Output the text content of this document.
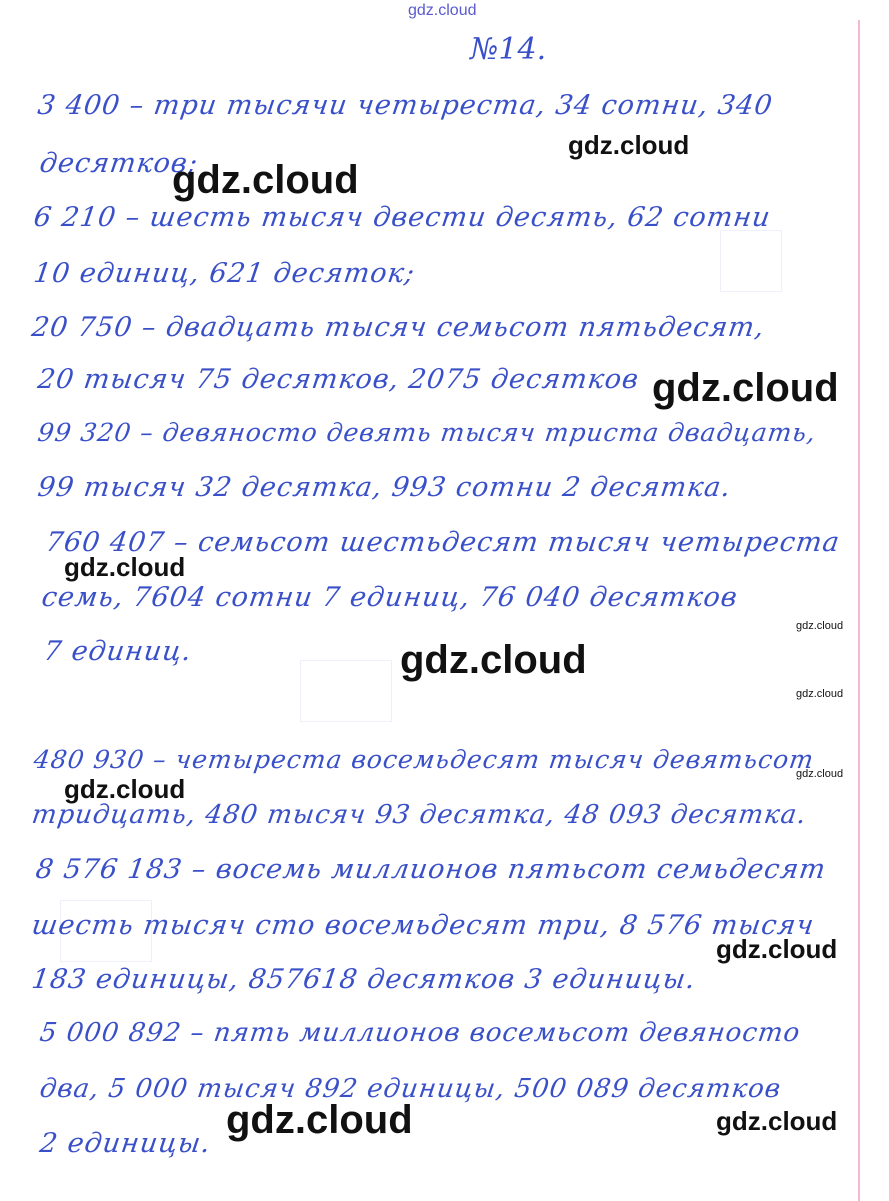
№14.
3 400 – три тысячи четыреста, 34 сотни, 340
десятков;
6 210 – шесть тысяч двести десять, 62 сотни
10 единиц, 621 десяток;
20 750 – двадцать тысяч семьсот пятьдесят,
20 тысяч 75 десятков, 2075 десятков
99 320 – девяносто девять тысяч триста двадцать,
99 тысяч 32 десятка, 993 сотни 2 десятка.
760 407 – семьсот шестьдесят тысяч четыреста
семь, 7604 сотни 7 единиц, 76 040 десятков
7 единиц.
480 930 – четыреста восемьдесят тысяч девятьсот
тридцать, 480 тысяч 93 десятка, 48 093 десятка.
8 576 183 – восемь миллионов пятьсот семьдесят
шесть тысяч сто восемьдесят три, 8 576 тысяч
183 единицы, 857618 десятков 3 единицы.
5 000 892 – пять миллионов восемьсот девяносто
два, 5 000 тысяч 892 единицы, 500 089 десятков
2 единицы.
gdz.cloud
gdz.cloud
gdz.cloud
gdz.cloud
gdz.cloud
gdz.cloud
gdz.cloud
gdz.cloud
gdz.cloud
gdz.cloud
gdz.cloud
gdz.cloud	gdz.cloud
